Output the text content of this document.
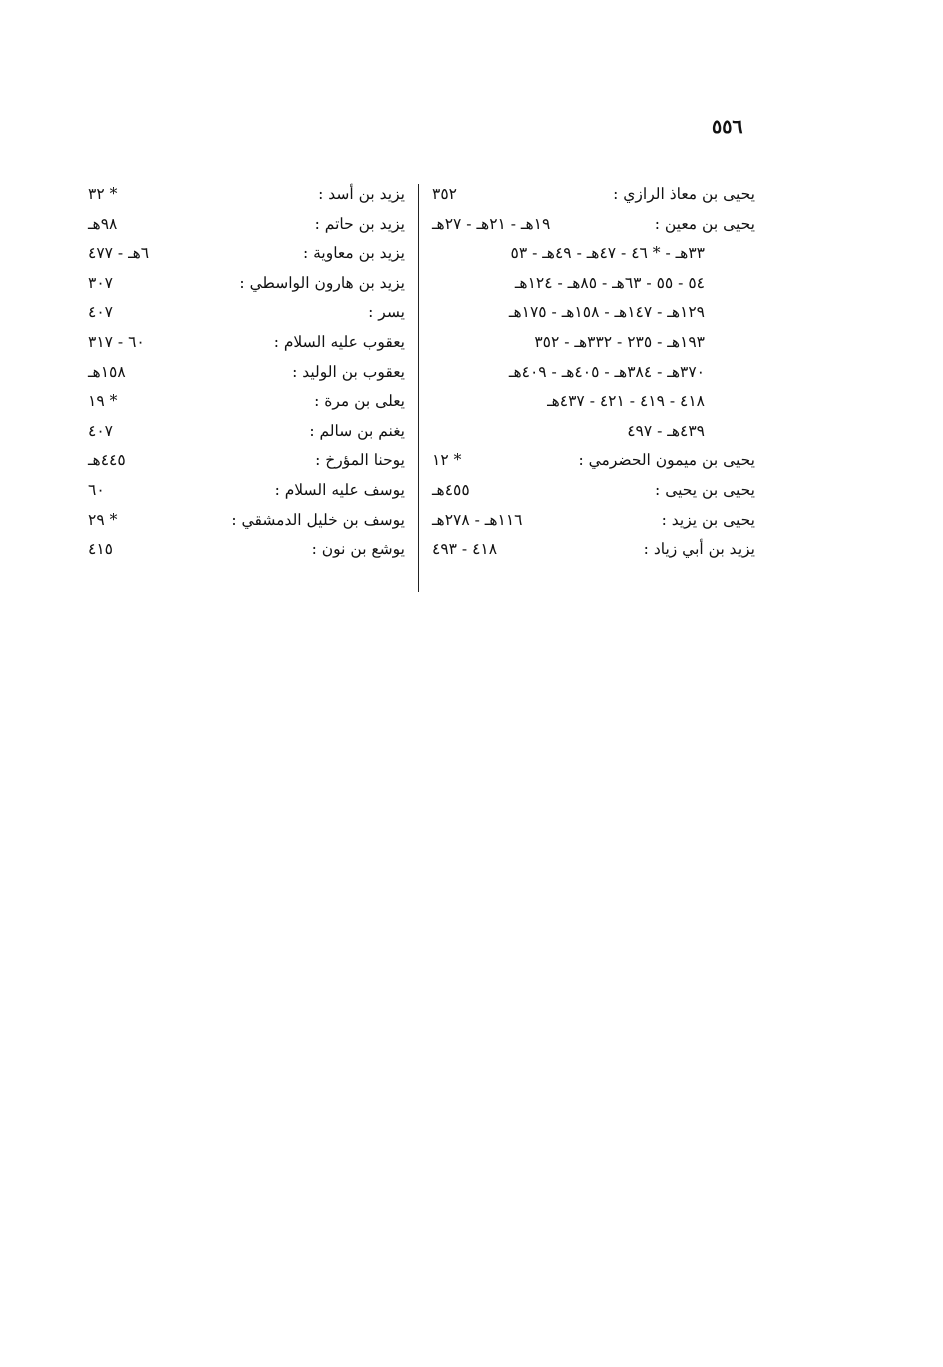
٥٥٦
يحيى بن معاذ الرازي :
٣٥٢
يزيد بن أسد :
* ٣٢
يحيى بن معين :
١٩هـ - ٢١هـ - ٢٧هـ
يزيد بن حاتم :
٩٨هـ
٣٣هـ - * ٤٦ - ٤٧هـ - ٤٩هـ - ٥٣
يزيد بن معاوية :
٦هـ - ٤٧٧
٥٤ - ٥٥ - ٦٣هـ - ٨٥هـ - ١٢٤هـ
يزيد بن هارون الواسطي :
٣٠٧
١٢٩هـ - ١٤٧هـ - ١٥٨هـ - ١٧٥هـ
يسر :
٤٠٧
١٩٣هـ - ٢٣٥ - ٣٣٢هـ - ٣٥٢
يعقوب عليه السلام :
٦٠ - ٣١٧
٣٧٠هـ - ٣٨٤هـ - ٤٠٥هـ - ٤٠٩هـ
يعقوب بن الوليد :
١٥٨هـ
٤١٨ - ٤١٩ - ٤٢١ - ٤٣٧هـ
يعلى بن مرة :
* ١٩
٤٣٩هـ - ٤٩٧
يغنم بن سالم :
٤٠٧
يحيى بن ميمون الحضرمي :
* ١٢
يوحنا المؤرخ :
٤٤٥هـ
يحيى بن يحيى :
٤٥٥هـ
يوسف عليه السلام :
٦٠
يحيى بن يزيد :
١١٦هـ - ٢٧٨هـ
يوسف بن خليل الدمشقي :
* ٢٩
يزيد بن أبي زياد :
٤١٨ - ٤٩٣
يوشع بن نون :
٤١٥
